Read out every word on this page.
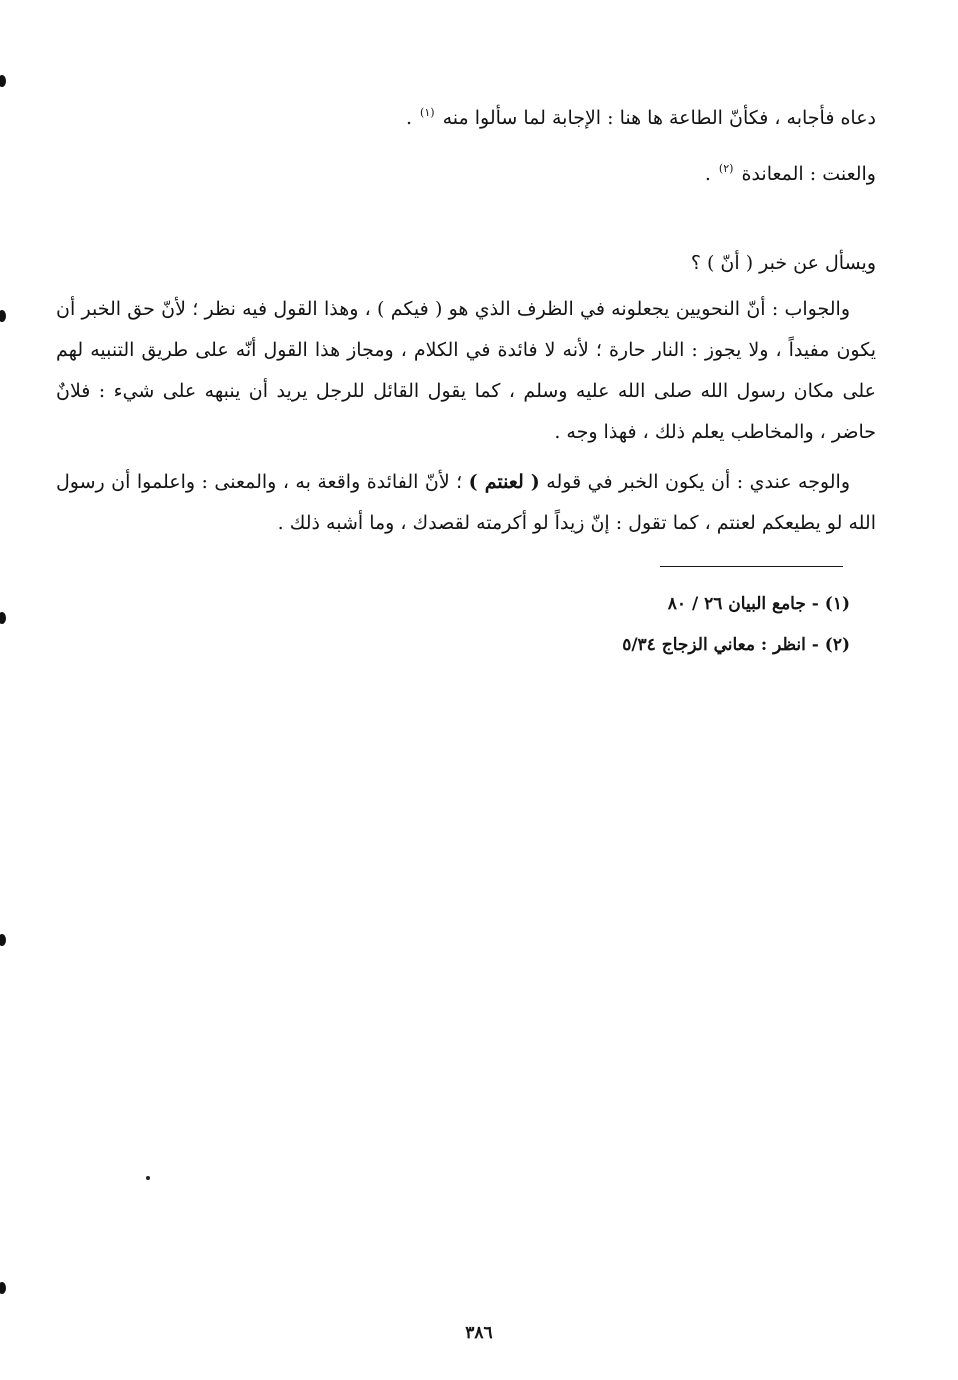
دعاه فأجابه ، فكأنّ الطاعة ها هنا : الإجابة لما سألوا منه $^{(١)}$ .

والعنت : المعاندة $^{(٢)}$ .

ويسأل عن خبر ( أنّ ) ؟

والجواب : أنّ النحويين يجعلونه في الظرف الذي هو ( فيكم ) ، وهذا القول فيه نظر ؛ لأنّ حق الخبر أن يكون مفيداً ، ولا يجوز : النار حارة ؛ لأنه لا فائدة في الكلام ، ومجاز هذا القول أنّه على طريق التنبيه لهم على مكان رسول الله صلى الله عليه وسلم ، كما يقول القائل للرجل يريد أن ينبهه على شيء : فلانٌ حاضر ، والمخاطب يعلم ذلك ، فهذا وجه .

والوجه عندي : أن يكون الخبر في قوله ( لعنتم ) ؛ لأنّ الفائدة واقعة به ، والمعنى : واعلموا أن رسول الله لو يطيعكم لعنتم ، كما تقول : إنّ زيداً لو أكرمته لقصدك ، وما أشبه ذلك .

(١) - جامع البيان ٢٦ / ٨٠

(٢) - انظر : معاني الزجاج ٥/٣٤

٣٨٦
